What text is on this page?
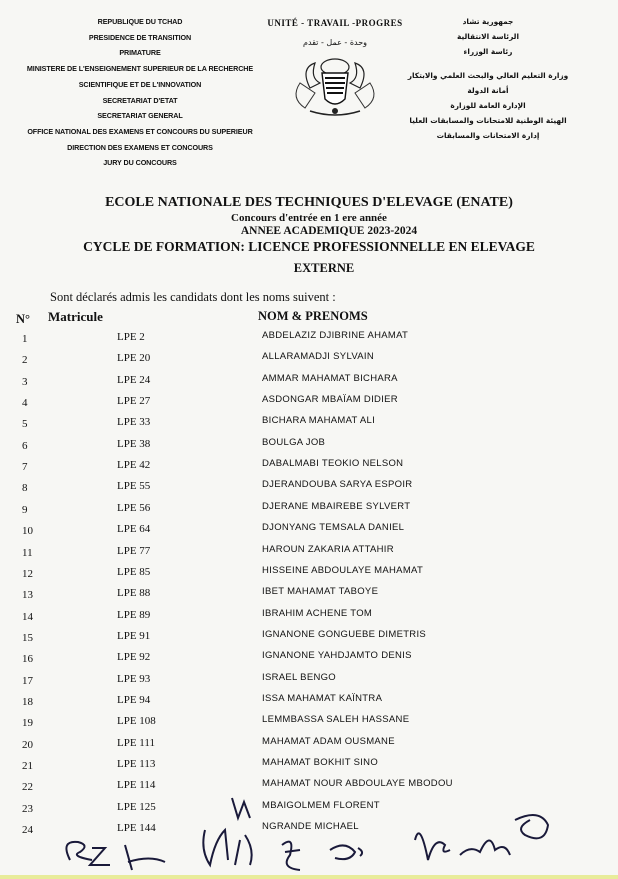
REPUBLIQUE DU TCHAD
PRESIDENCE DE TRANSITION
PRIMATURE
MINISTERE DE L'ENSEIGNEMENT SUPERIEUR DE LA RECHERCHE
SCIENTIFIQUE ET DE L'INNOVATION
SECRETARIAT D'ETAT
SECRETARIAT GENERAL
OFFICE NATIONAL DES EXAMENS ET CONCOURS DU SUPERIEUR
DIRECTION DES EXAMENS ET CONCOURS
JURY DU CONCOURS
UNITÉ - TRAVAIL -PROGRES
وحدة - عمل - تقدم
جمهورية تشاد
الرئاسة الانتقالية
رئاسة الوزراء
وزارة التعليم العالي والبحث العلمي والابتكار
أمانة الدولة
الإدارة العامة للوزارة
الهيئة الوطنية للامتحانات والمسابقات العليا
إدارة الامتحانات والمسابقات
ECOLE NATIONALE DES TECHNIQUES D'ELEVAGE (ENATE)
Concours d'entrée en 1 ere année
ANNEE ACADEMIQUE 2023-2024
CYCLE DE FORMATION: LICENCE PROFESSIONNELLE EN ELEVAGE
EXTERNE
Sont déclarés admis les candidats dont les noms suivent :
N° Matricule	NOM & PRENOMS
1	LPE 2	ABDELAZIZ DJIBRINE AHAMAT
2	LPE 20	ALLARAMADJI SYLVAIN
3	LPE 24	AMMAR MAHAMAT BICHARA
4	LPE 27	ASDONGAR MBAÏAM DIDIER
5	LPE 33	BICHARA MAHAMAT ALI
6	LPE 38	BOULGA JOB
7	LPE 42	DABALMABI TEOKIO NELSON
8	LPE 55	DJERANDOUBA SARYA ESPOIR
9	LPE 56	DJERANE MBAIREBE SYLVERT
10	LPE 64	DJONYANG TEMSALA DANIEL
11	LPE 77	HAROUN ZAKARIA ATTAHIR
12	LPE 85	HISSEINE ABDOULAYE MAHAMAT
13	LPE 88	IBET MAHAMAT TABOYE
14	LPE 89	IBRAHIM ACHENE TOM
15	LPE 91	IGNANONE GONGUEBE DIMETRIS
16	LPE 92	IGNANONE YAHDJAMTO DENIS
17	LPE 93	ISRAEL BENGO
18	LPE 94	ISSA MAHAMAT KAÏNTRA
19	LPE 108	LEMMBASSA SALEH HASSANE
20	LPE 111	MAHAMAT ADAM OUSMANE
21	LPE 113	MAHAMAT BOKHIT SINO
22	LPE 114	MAHAMAT NOUR ABDOULAYE MBODOU
23	LPE 125	MBAIGOLMEM FLORENT
24	LPE 144	NGRANDE MICHAEL
